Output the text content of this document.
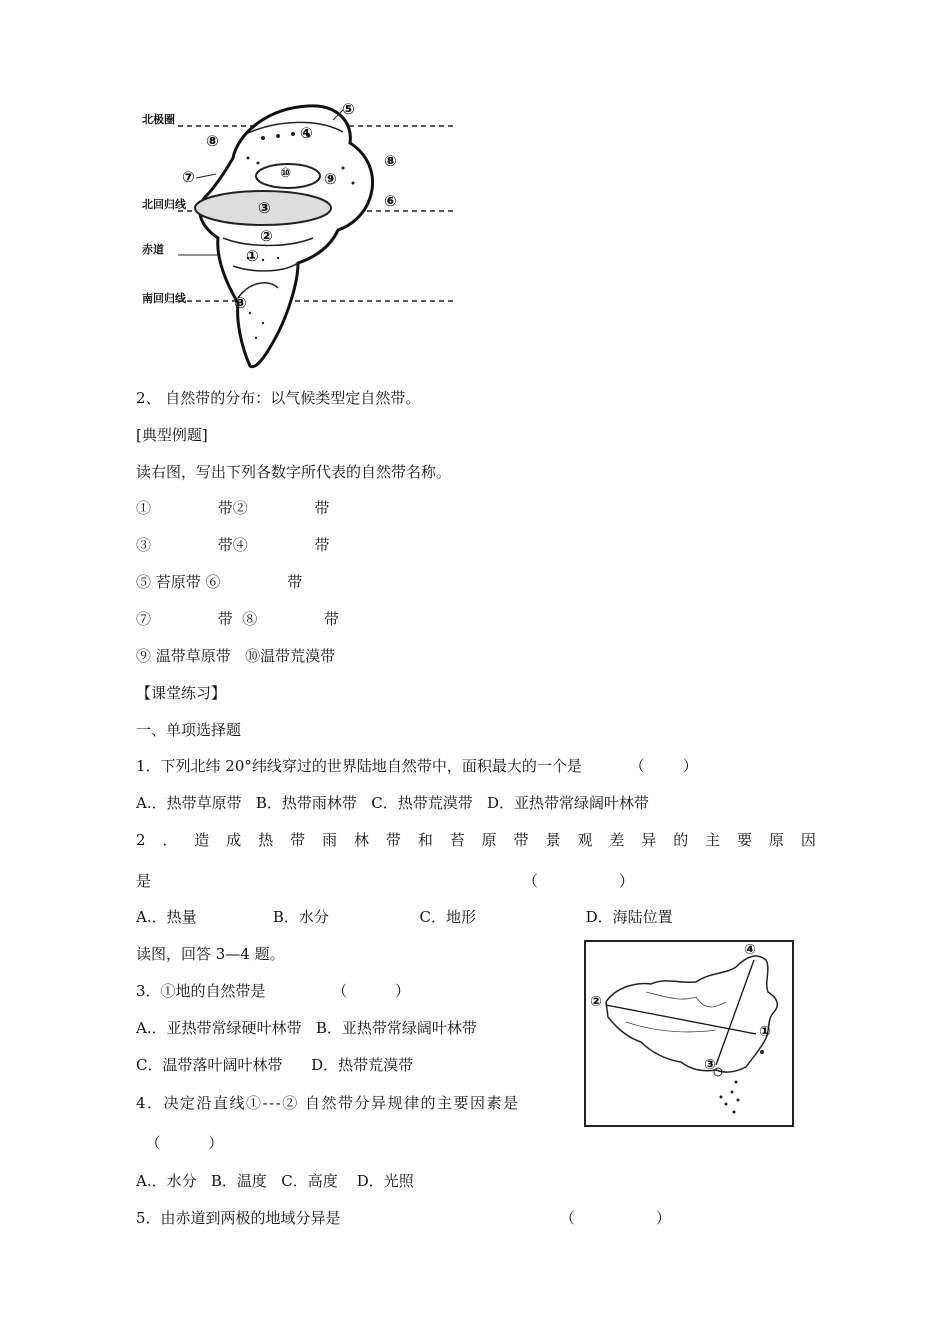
北极圈
北回归线
赤道
南回归线
⑤
⑧	④
⑦
⑧
⑩ ⑨
⑥
③
②
①
③
2、 自然带的分布：以气候类型定自然带。
[典型例题]
读右图，写出下列各数字所代表的自然带名称。
①              带②              带
③              带④              带
⑤ 苔原带 ⑥              带
⑦              带  ⑧              带
⑨ 温带草原带   ⑩温带荒漠带
【课堂练习】
一、单项选择题
1．下列北纬 20°纬线穿过的世界陆地自然带中，面积最大的一个是          （        ）
A.．热带草原带   B．热带雨林带   C．热带荒漠带   D．亚热带常绿阔叶林带
2 ． 造 成 热 带 雨 林 带 和 苔 原 带 景 观 差 异 的 主 要 原 因
是                                                                              （                 ）
A.．热量                B．水分                   C．地形                       D．海陆位置
读图，回答 3—4 题。
3．①地的自然带是              （          ）
A.．亚热带常绿硬叶林带   B．亚热带常绿阔叶林带
C．温带落叶阔叶林带      D．热带荒漠带
4．决定沿直线①---② 自然带分异规律的主要因素是
（          ）
A.．水分   B．温度   C．高度    D．光照
5．由赤道到两极的地域分异是                                              （                 ）
④
②
①
③
